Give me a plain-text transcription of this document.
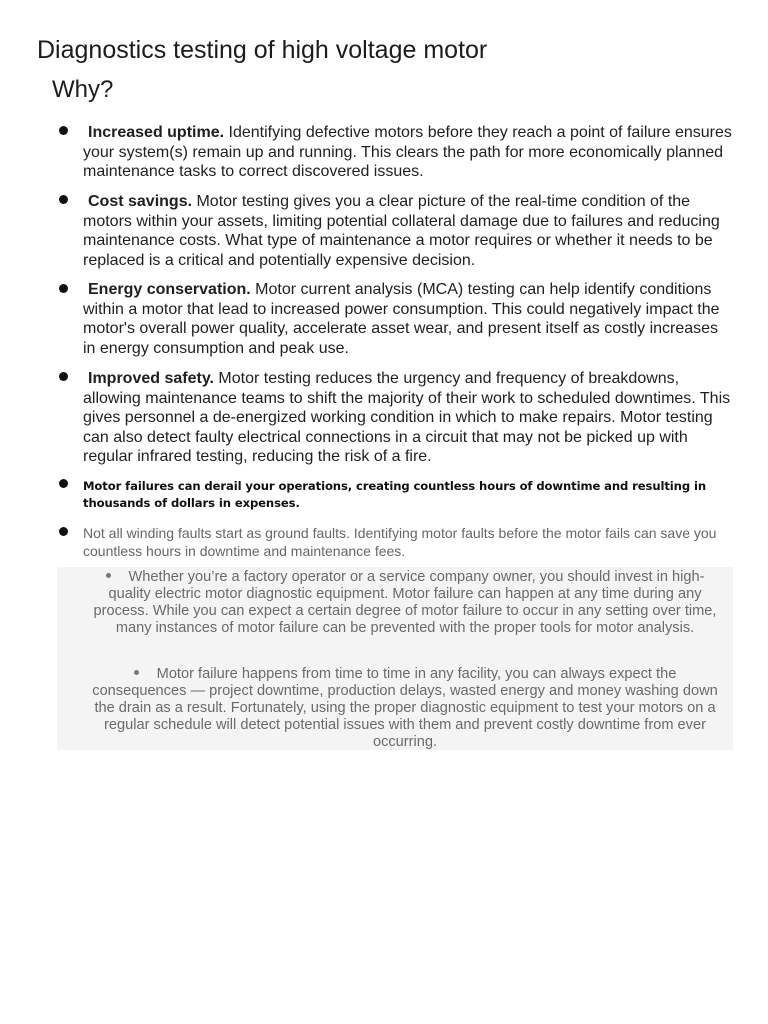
Diagnostics testing of high voltage motor
Why?
Increased uptime. Identifying defective motors before they reach a point of failure ensures your system(s) remain up and running. This clears the path for more economically planned maintenance tasks to correct discovered issues.
Cost savings. Motor testing gives you a clear picture of the real-time condition of the motors within your assets, limiting potential collateral damage due to failures and reducing maintenance costs. What type of maintenance a motor requires or whether it needs to be replaced is a critical and potentially expensive decision.
Energy conservation. Motor current analysis (MCA) testing can help identify conditions within a motor that lead to increased power consumption. This could negatively impact the motor's overall power quality, accelerate asset wear, and present itself as costly increases in energy consumption and peak use.
Improved safety. Motor testing reduces the urgency and frequency of breakdowns, allowing maintenance teams to shift the majority of their work to scheduled downtimes. This gives personnel a de-energized working condition in which to make repairs. Motor testing can also detect faulty electrical connections in a circuit that may not be picked up with regular infrared testing, reducing the risk of a fire.
Motor failures can derail your operations, creating countless hours of downtime and resulting in thousands of dollars in expenses.
Not all winding faults start as ground faults. Identifying motor faults before the motor fails can save you countless hours in downtime and maintenance fees.
Whether you’re a factory operator or a service company owner, you should invest in high-quality electric motor diagnostic equipment. Motor failure can happen at any time during any process. While you can expect a certain degree of motor failure to occur in any setting over time, many instances of motor failure can be prevented with the proper tools for motor analysis.
Motor failure happens from time to time in any facility, you can always expect the consequences — project downtime, production delays, wasted energy and money washing down the drain as a result. Fortunately, using the proper diagnostic equipment to test your motors on a regular schedule will detect potential issues with them and prevent costly downtime from ever occurring.
